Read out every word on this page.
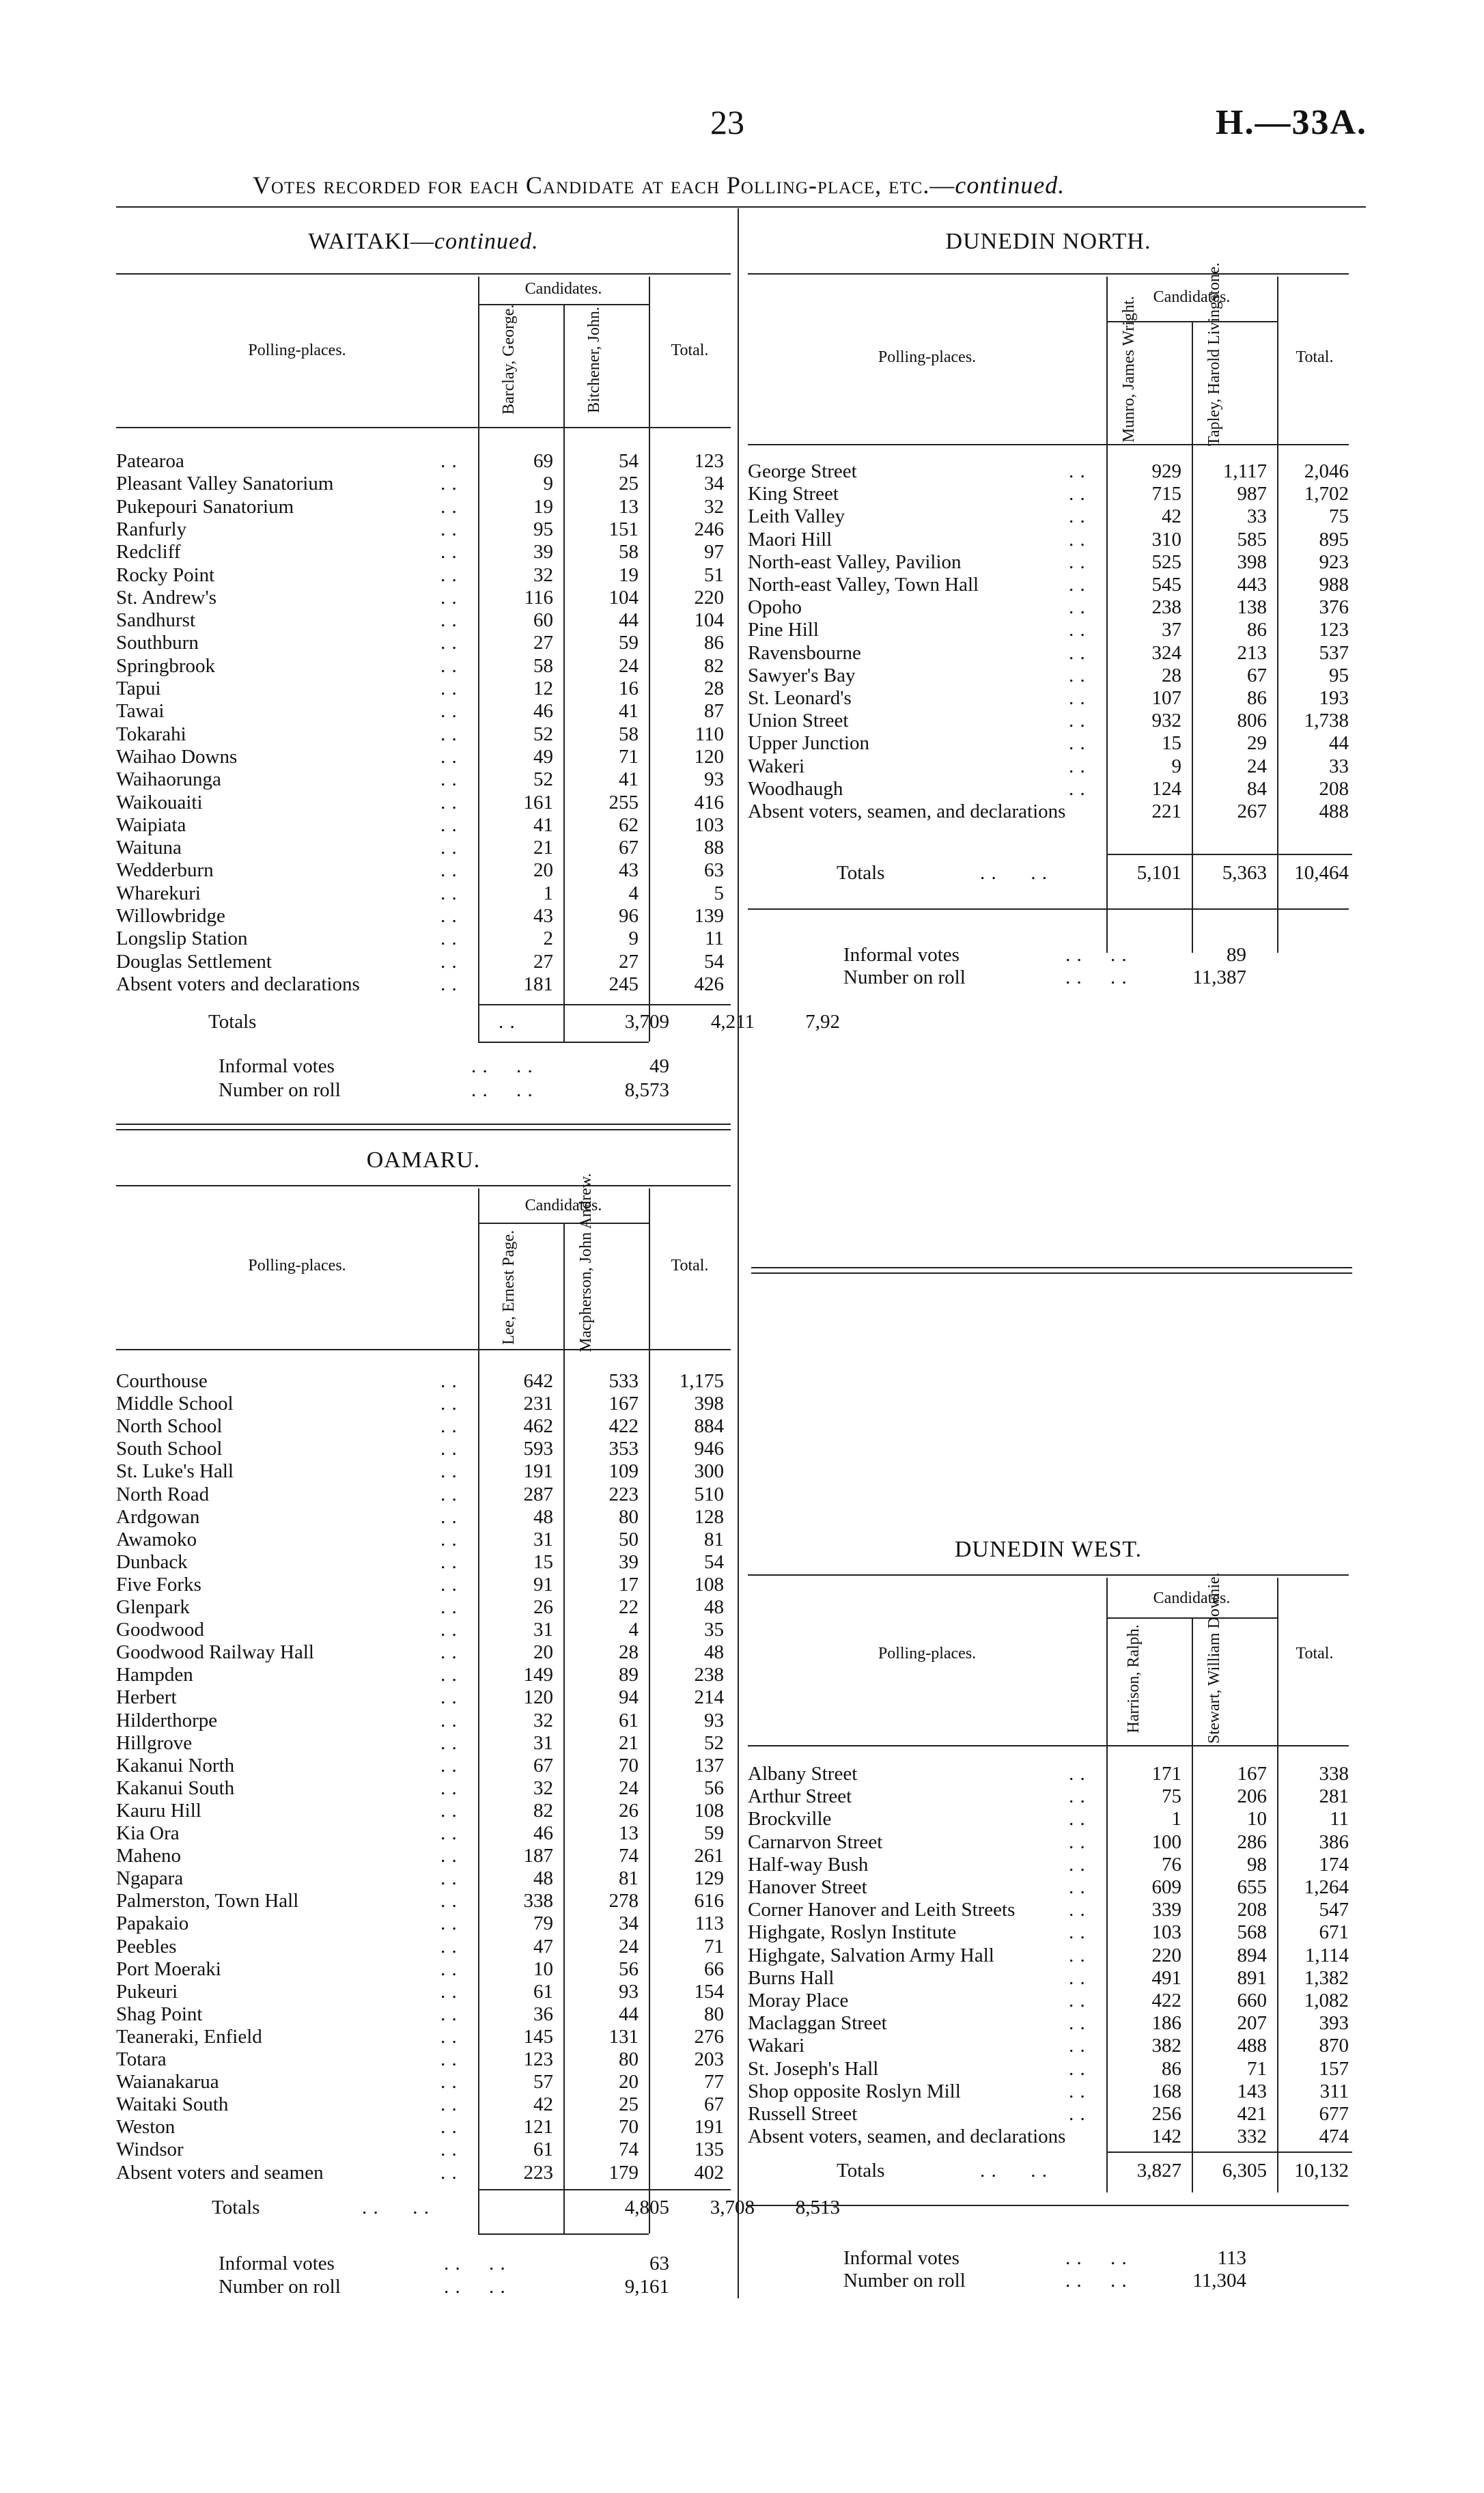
23	H.—33A.
Votes recorded for each Candidate at each Polling-place, etc.—continued.
WAITAKI—continued.
Candidates.
Polling-places.	Total.
Barclay, George.	Bitchener, John.
Patearoa	. .	69	54	123
Pleasant Valley Sanatorium	. .	9	25	34
Pukepouri Sanatorium	. .	19	13	32
Ranfurly	. .	95	151	246
Redcliff	. .	39	58	97
Rocky Point	. .	32	19	51
St. Andrew's	. .	116	104	220
Sandhurst	. .	60	44	104
Southburn	. .	27	59	86
Springbrook	. .	58	24	82
Tapui	. .	12	16	28
Tawai	. .	46	41	87
Tokarahi	. .	52	58	110
Waihao Downs	. .	49	71	120
Waihaorunga	. .	52	41	93
Waikouaiti	. .	161	255	416
Waipiata	. .	41	62	103
Waituna	. .	21	67	88
Wedderburn	. .	20	43	63
Wharekuri	. .	1	4	5
Willowbridge	. .	43	96	139
Longslip Station	. .	2	9	11
Douglas Settlement	. .	27	27	54
Absent voters and declarations	. .	181	245	426
Totals	. .	3,709	4,211	7,92
Informal votes	. .     . .	49
Number on roll	. .     . .	8,573
OAMARU.
Candidates.
Polling-places.	Total.
Lee, Ernest Page.	Macpherson, John Andrew.
Courthouse	. .	642	533	1,175
Middle School	. .	231	167	398
North School	. .	462	422	884
South School	. .	593	353	946
St. Luke's Hall	. .	191	109	300
North Road	. .	287	223	510
Ardgowan	. .	48	80	128
Awamoko	. .	31	50	81
Dunback	. .	15	39	54
Five Forks	. .	91	17	108
Glenpark	. .	26	22	48
Goodwood	. .	31	4	35
Goodwood Railway Hall	. .	20	28	48
Hampden	. .	149	89	238
Herbert	. .	120	94	214
Hilderthorpe	. .	32	61	93
Hillgrove	. .	31	21	52
Kakanui North	. .	67	70	137
Kakanui South	. .	32	24	56
Kauru Hill	. .	82	26	108
Kia Ora	. .	46	13	59
Maheno	. .	187	74	261
Ngapara	. .	48	81	129
Palmerston, Town Hall	. .	338	278	616
Papakaio	. .	79	34	113
Peebles	. .	47	24	71
Port Moeraki	. .	10	56	66
Pukeuri	. .	61	93	154
Shag Point	. .	36	44	80
Teaneraki, Enfield	. .	145	131	276
Totara	. .	123	80	203
Waianakarua	. .	57	20	77
Waitaki South	. .	42	25	67
Weston	. .	121	70	191
Windsor	. .	61	74	135
Absent voters and seamen	. .	223	179	402
Totals	. .      . .	4,805	3,708	8,513
Informal votes	. .     . .	63
Number on roll	. .     . .	9,161
DUNEDIN NORTH.
Candidates.
Polling-places.	Total.
Munro, James Wright.	Tapley, Harold Livingstone.
George Street	. .	929	1,117	2,046
King Street	. .	715	987	1,702
Leith Valley	. .	42	33	75
Maori Hill	. .	310	585	895
North-east Valley, Pavilion	. .	525	398	923
North-east Valley, Town Hall	. .	545	443	988
Opoho	. .	238	138	376
Pine Hill	. .	37	86	123
Ravensbourne	. .	324	213	537
Sawyer's Bay	. .	28	67	95
St. Leonard's	. .	107	86	193
Union Street	. .	932	806	1,738
Upper Junction	. .	15	29	44
Wakeri	. .	9	24	33
Woodhaugh	. .	124	84	208
Absent voters, seamen, and declarations	221	267	488
Totals	. .      . .	5,101	5,363	10,464
Informal votes	. .     . .	89
Number on roll	. .     . .	11,387
DUNEDIN WEST.
Candidates.
Polling-places.	Total.
Harrison, Ralph.	Stewart, William Downie.
Albany Street	. .	171	167	338
Arthur Street	. .	75	206	281
Brockville	. .	1	10	11
Carnarvon Street	. .	100	286	386
Half-way Bush	. .	76	98	174
Hanover Street	. .	609	655	1,264
Corner Hanover and Leith Streets	. .	339	208	547
Highgate, Roslyn Institute	. .	103	568	671
Highgate, Salvation Army Hall	. .	220	894	1,114
Burns Hall	. .	491	891	1,382
Moray Place	. .	422	660	1,082
Maclaggan Street	. .	186	207	393
Wakari	. .	382	488	870
St. Joseph's Hall	. .	86	71	157
Shop opposite Roslyn Mill	. .	168	143	311
Russell Street	. .	256	421	677
Absent voters, seamen, and declarations	142	332	474
Totals	. .      . .	3,827	6,305	10,132
Informal votes	. .     . .	113
Number on roll	. .     . .	11,304
